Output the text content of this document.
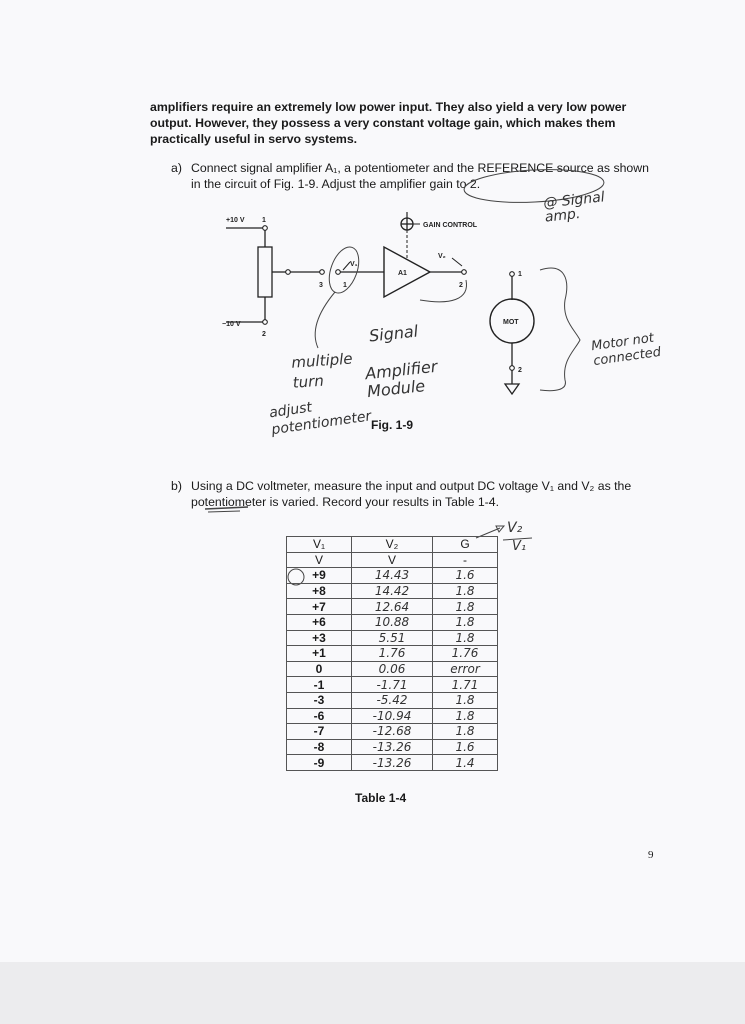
amplifiers require an extremely low power input. They also yield a very low power output. However, they possess a very constant voltage gain, which makes them practically useful in servo systems.
a) Connect signal amplifier A₁, a potentiometer and the REFERENCE source as shown in the circuit of Fig. 1-9. Adjust the amplifier gain to 2.
+10 V	1
−10 V
2
3	1
V₁
A1
V₂
2
GAIN CONTROL
1
MOT
2
@ Signal amp.
Signal
Amplifier Module
multiple turn
adjust potentiometer
Motor not connected
V₂
V₁
Fig. 1-9
b) Using a DC voltmeter, measure the input and output DC voltage V₁ and V₂ as the potentiometer is varied. Record your results in Table 1-4.
V₁	V₂	G
V	V	-
+9	14.43	1.6
+8	14.42	1.8
+7	12.64	1.8
+6	10.88	1.8
+3	5.51	1.8
+1	1.76	1.76
0	0.06	error
-1	-1.71	1.71
-3	-5.42	1.8
-6	-10.94	1.8
-7	-12.68	1.8
-8	-13.26	1.6
-9	-13.26	1.4
Table 1-4
9
